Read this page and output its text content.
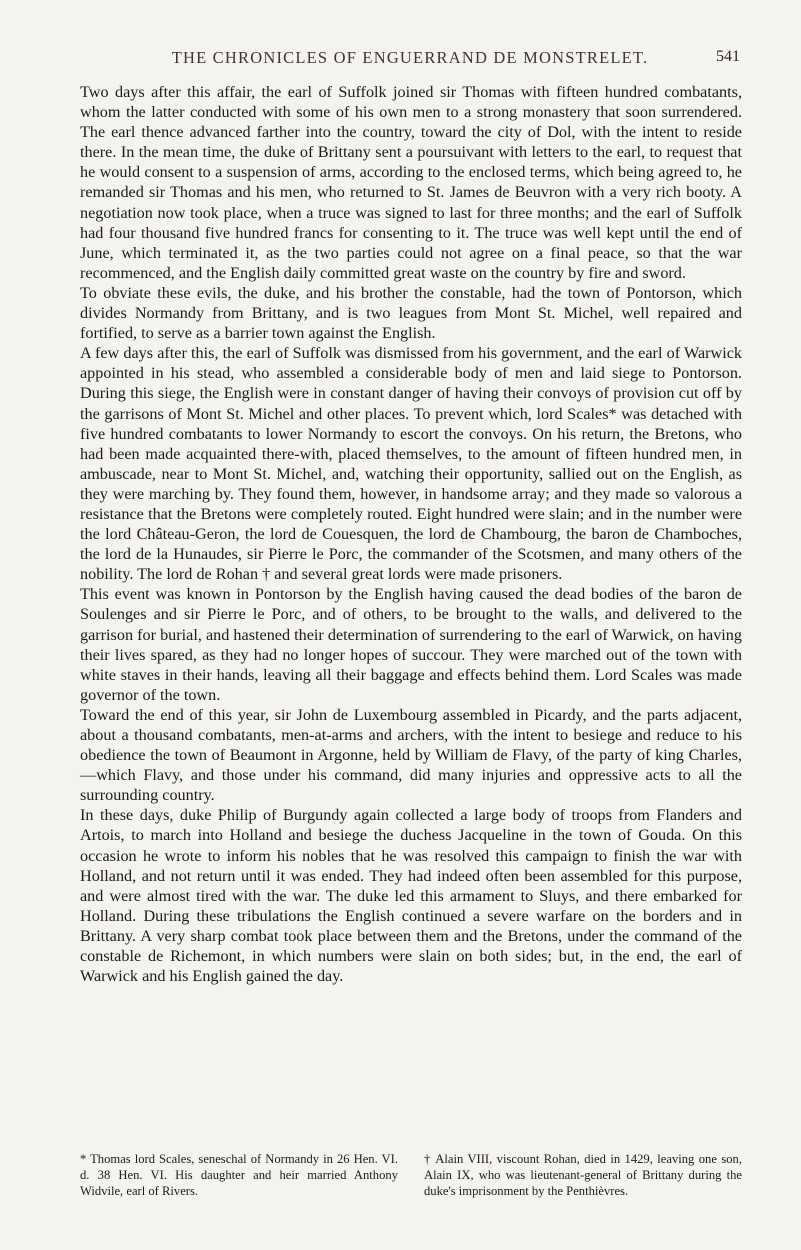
THE CHRONICLES OF ENGUERRAND DE MONSTRELET.	541

Two days after this affair, the earl of Suffolk joined sir Thomas with fifteen hundred combatants, whom the latter conducted with some of his own men to a strong monastery that soon surrendered. The earl thence advanced farther into the country, toward the city of Dol, with the intent to reside there. In the mean time, the duke of Brittany sent a poursuivant with letters to the earl, to request that he would consent to a suspension of arms, according to the enclosed terms, which being agreed to, he remanded sir Thomas and his men, who returned to St. James de Beuvron with a very rich booty. A negotiation now took place, when a truce was signed to last for three months; and the earl of Suffolk had four thousand five hundred francs for consenting to it. The truce was well kept until the end of June, which terminated it, as the two parties could not agree on a final peace, so that the war recommenced, and the English daily committed great waste on the country by fire and sword.

To obviate these evils, the duke, and his brother the constable, had the town of Pontorson, which divides Normandy from Brittany, and is two leagues from Mont St. Michel, well repaired and fortified, to serve as a barrier town against the English.

A few days after this, the earl of Suffolk was dismissed from his government, and the earl of Warwick appointed in his stead, who assembled a considerable body of men and laid siege to Pontorson. During this siege, the English were in constant danger of having their convoys of provision cut off by the garrisons of Mont St. Michel and other places. To prevent which, lord Scales* was detached with five hundred combatants to lower Normandy to escort the convoys. On his return, the Bretons, who had been made acquainted there-with, placed themselves, to the amount of fifteen hundred men, in ambuscade, near to Mont St. Michel, and, watching their opportunity, sallied out on the English, as they were marching by. They found them, however, in handsome array; and they made so valorous a resistance that the Bretons were completely routed. Eight hundred were slain; and in the number were the lord Château-Geron, the lord de Couesquen, the lord de Chambourg, the baron de Chamboches, the lord de la Hunaudes, sir Pierre le Porc, the commander of the Scotsmen, and many others of the nobility. The lord de Rohan † and several great lords were made prisoners.

This event was known in Pontorson by the English having caused the dead bodies of the baron de Soulenges and sir Pierre le Porc, and of others, to be brought to the walls, and delivered to the garrison for burial, and hastened their determination of surrendering to the earl of Warwick, on having their lives spared, as they had no longer hopes of succour. They were marched out of the town with white staves in their hands, leaving all their baggage and effects behind them. Lord Scales was made governor of the town.

Toward the end of this year, sir John de Luxembourg assembled in Picardy, and the parts adjacent, about a thousand combatants, men-at-arms and archers, with the intent to besiege and reduce to his obedience the town of Beaumont in Argonne, held by William de Flavy, of the party of king Charles,—which Flavy, and those under his command, did many injuries and oppressive acts to all the surrounding country.

In these days, duke Philip of Burgundy again collected a large body of troops from Flanders and Artois, to march into Holland and besiege the duchess Jacqueline in the town of Gouda. On this occasion he wrote to inform his nobles that he was resolved this campaign to finish the war with Holland, and not return until it was ended. They had indeed often been assembled for this purpose, and were almost tired with the war. The duke led this armament to Sluys, and there embarked for Holland. During these tribulations the English continued a severe warfare on the borders and in Brittany. A very sharp combat took place between them and the Bretons, under the command of the constable de Richemont, in which numbers were slain on both sides; but, in the end, the earl of Warwick and his English gained the day.

* Thomas lord Scales, seneschal of Normandy in 26 Hen. VI. d. 38 Hen. VI. His daughter and heir married Anthony Widvile, earl of Rivers.
† Alain VIII, viscount Rohan, died in 1429, leaving one son, Alain IX, who was lieutenant-general of Brittany during the duke's imprisonment by the Penthièvres.
